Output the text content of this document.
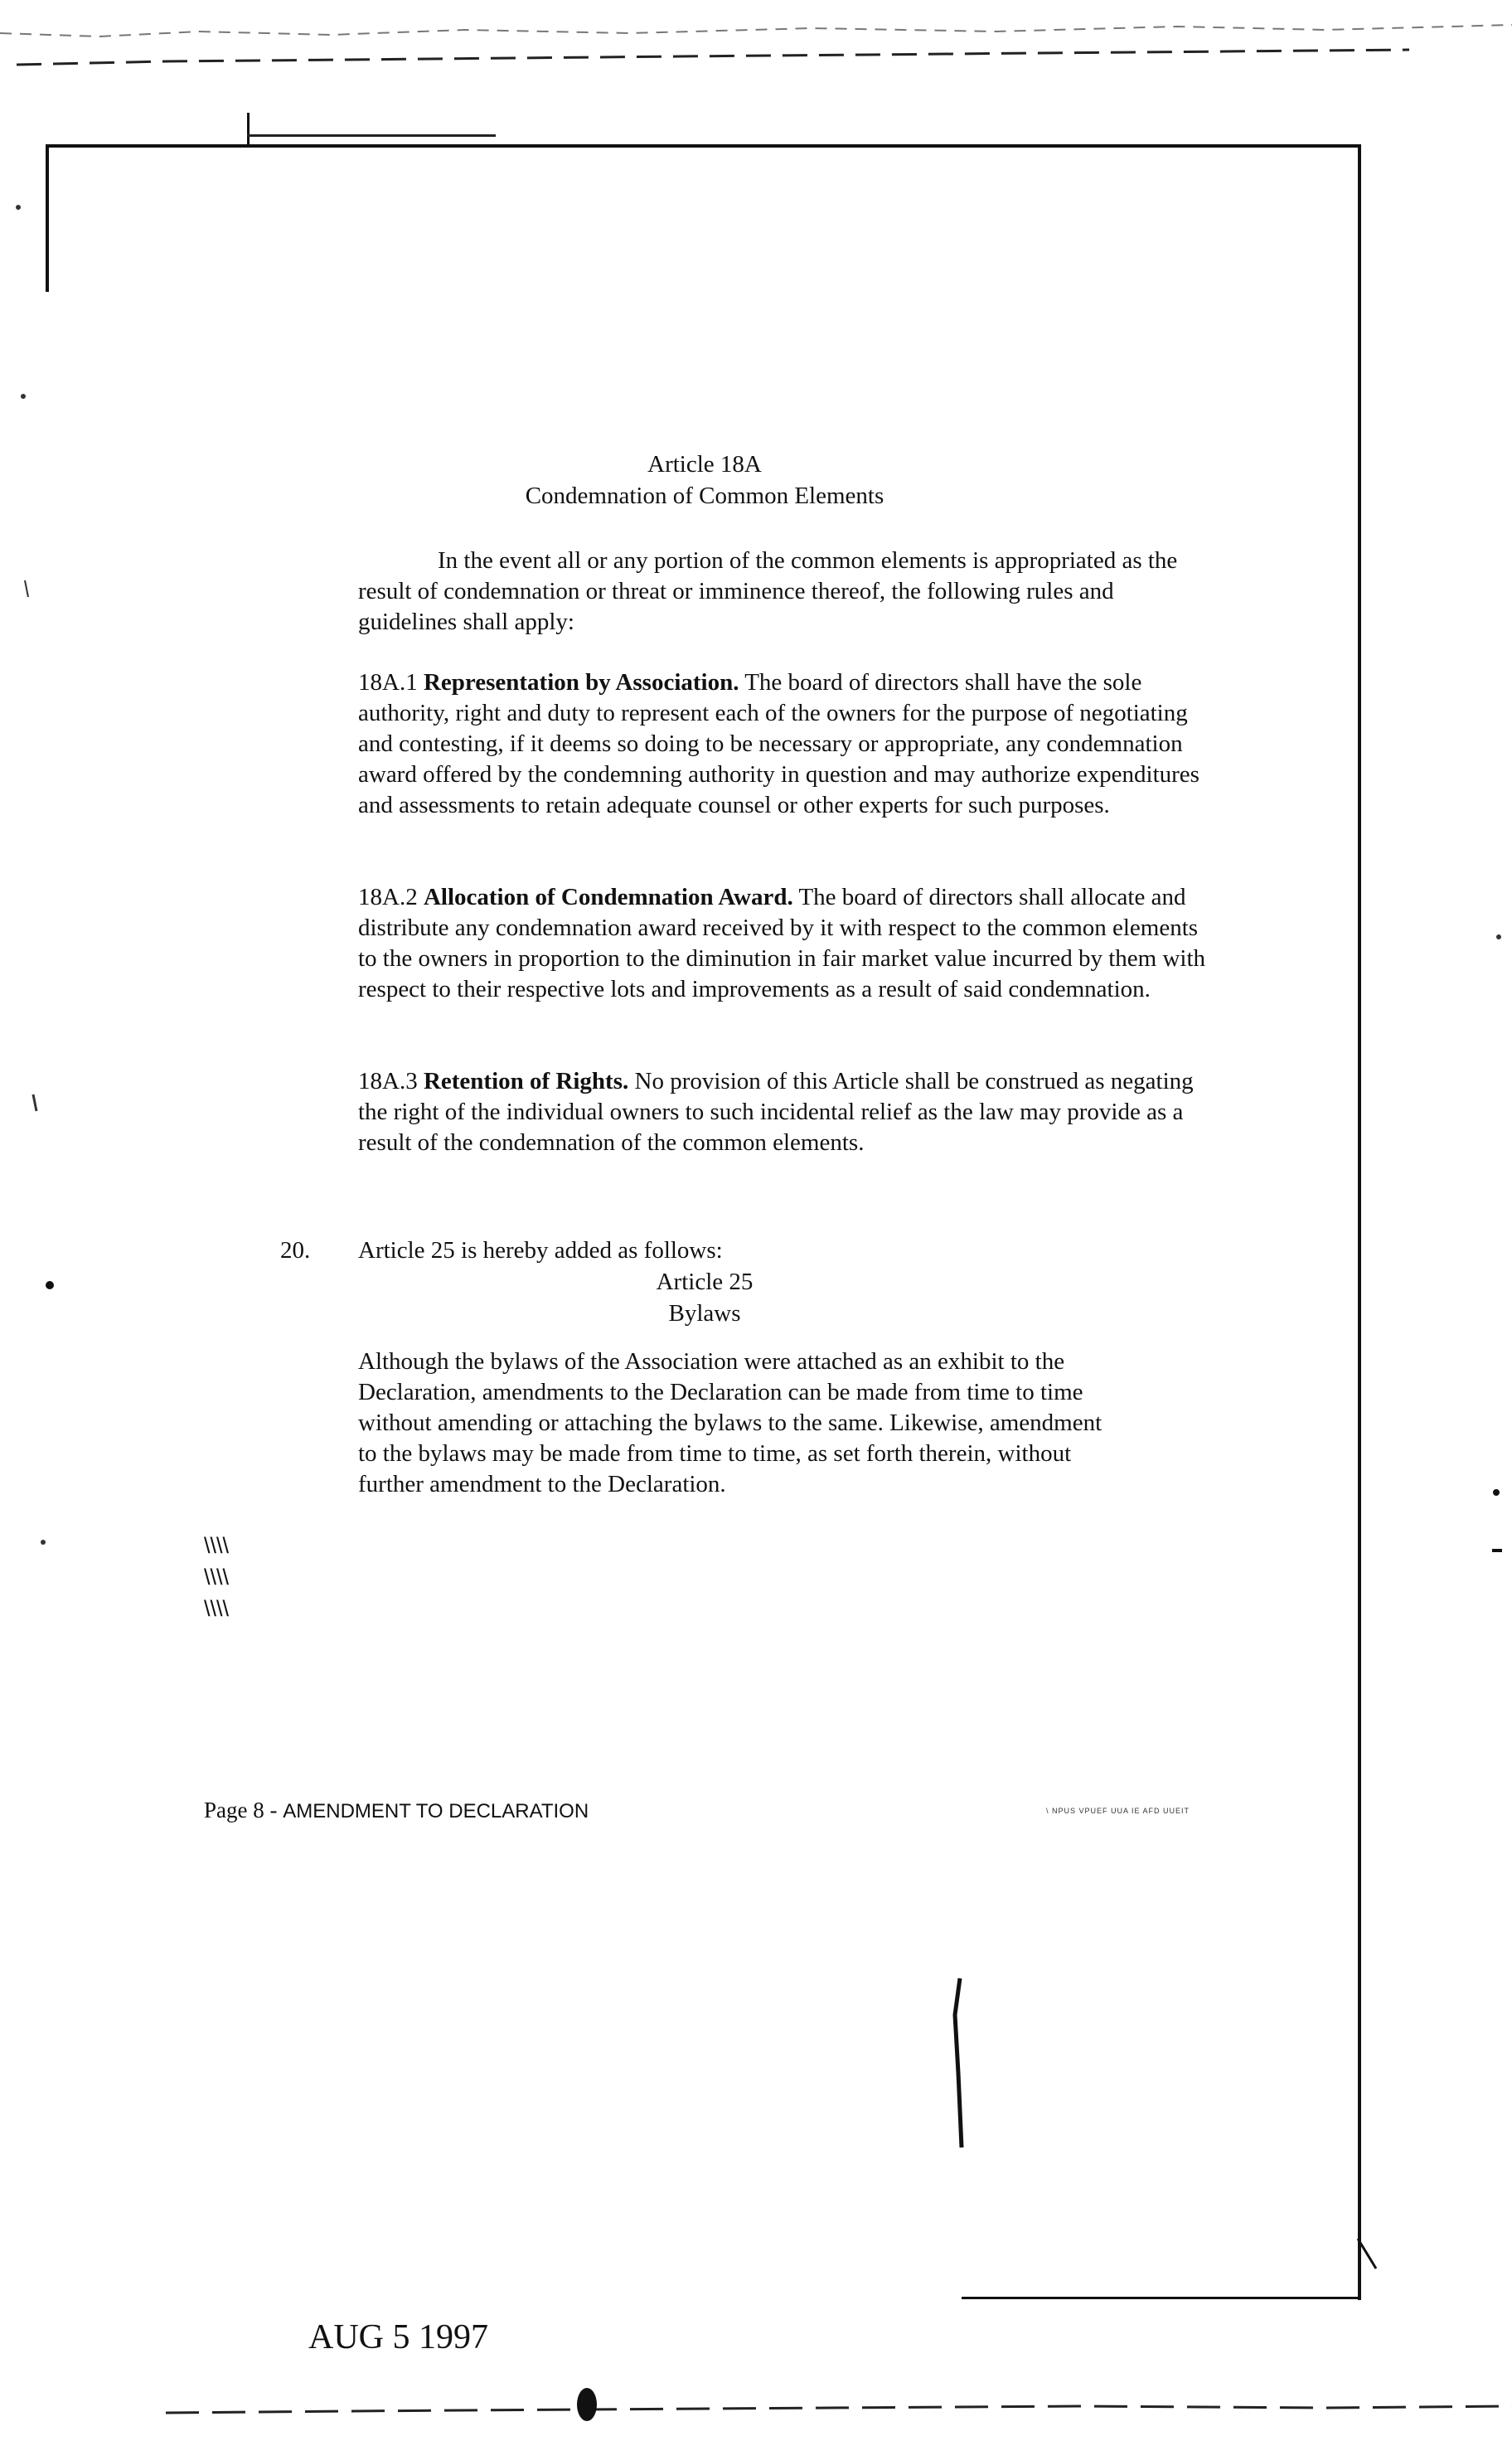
Article 18A
Condemnation of Common Elements
In the event all or any portion of the common elements is appropriated as the result of condemnation or threat or imminence thereof, the following rules and guidelines shall apply:
18A.1 Representation by Association. The board of directors shall have the sole authority, right and duty to represent each of the owners for the purpose of negotiating and contesting, if it deems so doing to be necessary or appropriate, any condemnation award offered by the condemning authority in question and may authorize expenditures and assessments to retain adequate counsel or other experts for such purposes.
18A.2 Allocation of Condemnation Award. The board of directors shall allocate and distribute any condemnation award received by it with respect to the common elements to the owners in proportion to the diminution in fair market value incurred by them with respect to their respective lots and improvements as a result of said condemnation.
18A.3 Retention of Rights. No provision of this Article shall be construed as negating the right of the individual owners to such incidental relief as the law may provide as a result of the condemnation of the common elements.
20. Article 25 is hereby added as follows:
Article 25
Bylaws
Although the bylaws of the Association were attached as an exhibit to the Declaration, amendments to the Declaration can be made from time to time without amending or attaching the bylaws to the same. Likewise, amendment to the bylaws may be made from time to time, as set forth therein, without further amendment to the Declaration.
\\\\
\\\\
\\\\
Page 8 - AMENDMENT TO DECLARATION	\ NPUS VPUEF UUA IE AFD UUEIT
AUG 5 1997
